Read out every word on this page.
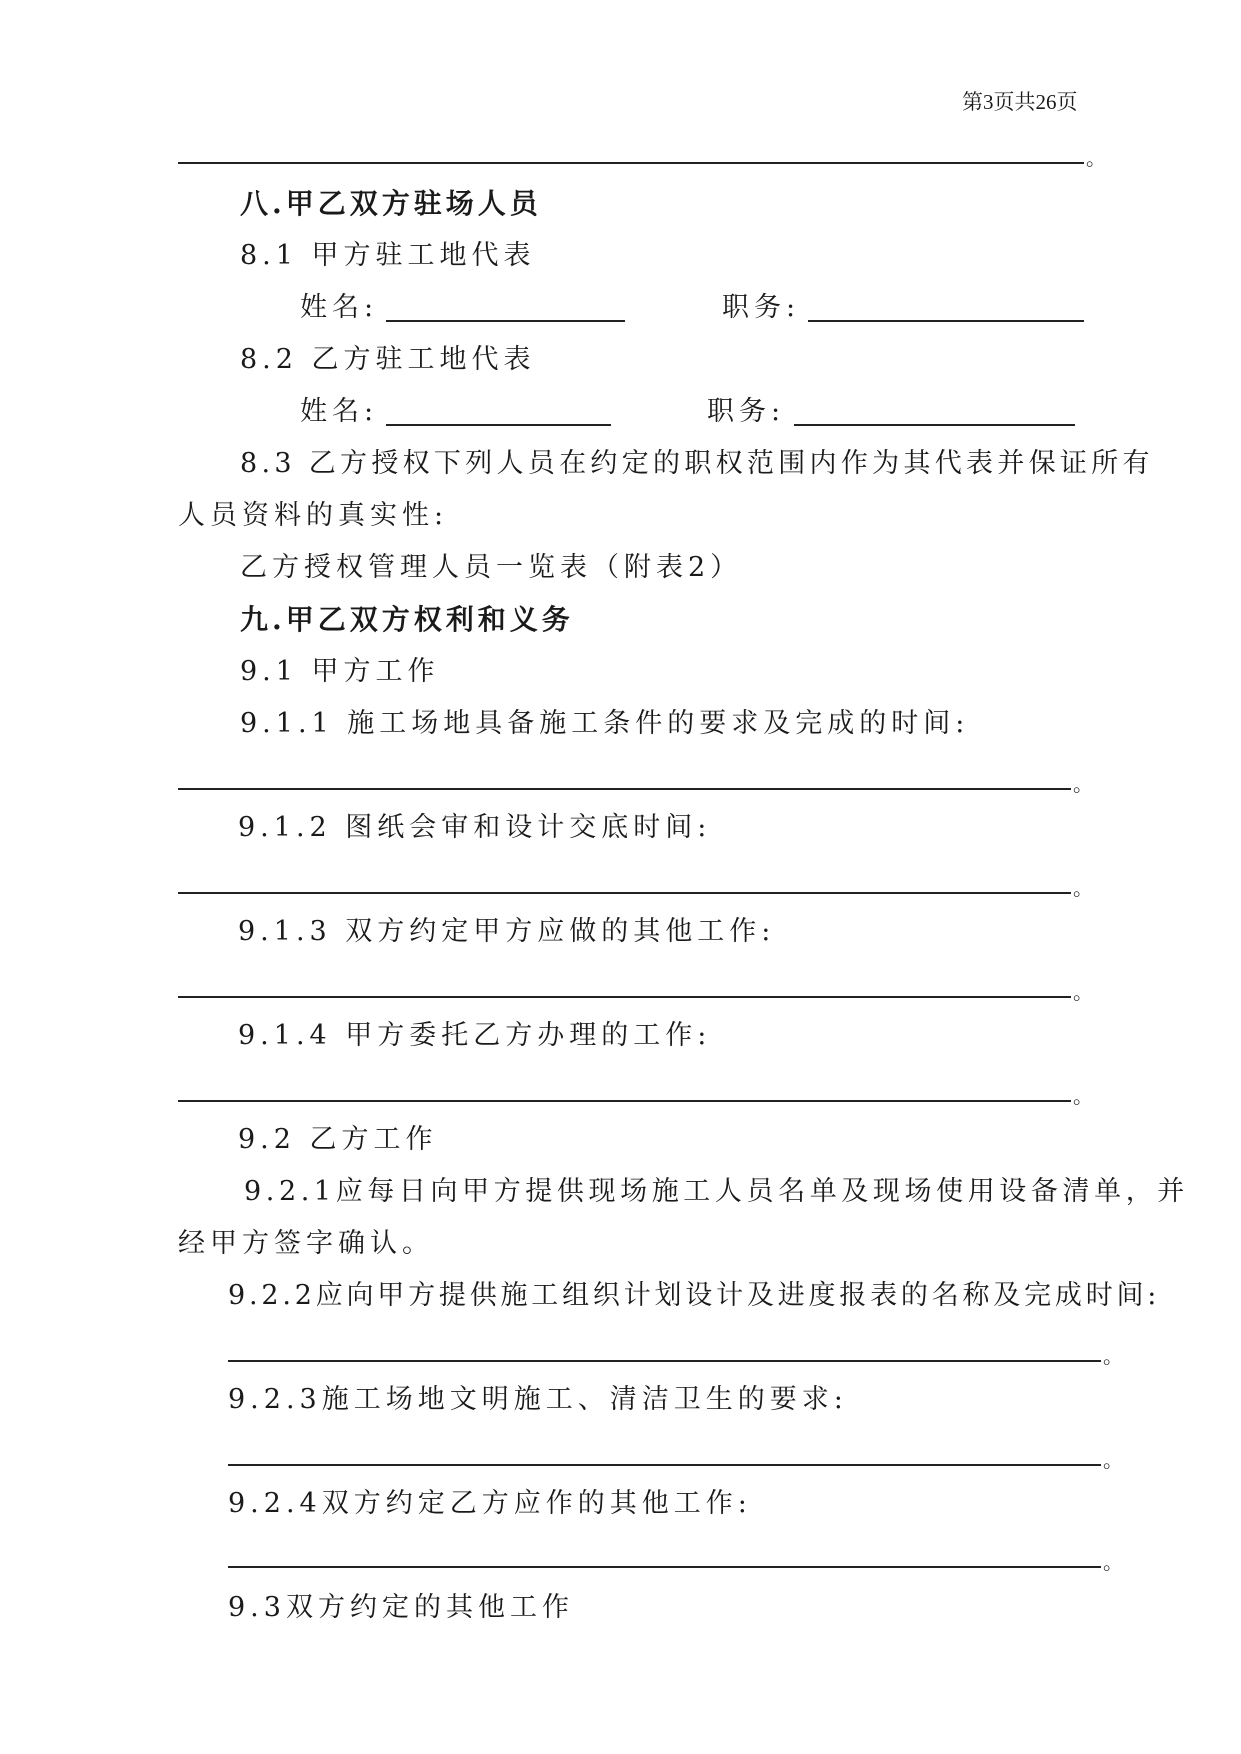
第3页共26页
。
八.甲乙双方驻场人员
8.1 甲方驻工地代表
姓名:	职务:
8.2 乙方驻工地代表
姓名:	职务:
8.3 乙方授权下列人员在约定的职权范围内作为其代表并保证所有
人员资料的真实性:
乙方授权管理人员一览表（附表2）
九.甲乙双方权利和义务
9.1 甲方工作
9.1.1 施工场地具备施工条件的要求及完成的时间:
。
9.1.2 图纸会审和设计交底时间:
。
9.1.3 双方约定甲方应做的其他工作:
。
9.1.4 甲方委托乙方办理的工作:
。
9.2 乙方工作
9.2.1应每日向甲方提供现场施工人员名单及现场使用设备清单，并
经甲方签字确认。
9.2.2应向甲方提供施工组织计划设计及进度报表的名称及完成时间:
。
9.2.3施工场地文明施工、清洁卫生的要求:
。
9.2.4双方约定乙方应作的其他工作:
。
9.3双方约定的其他工作
